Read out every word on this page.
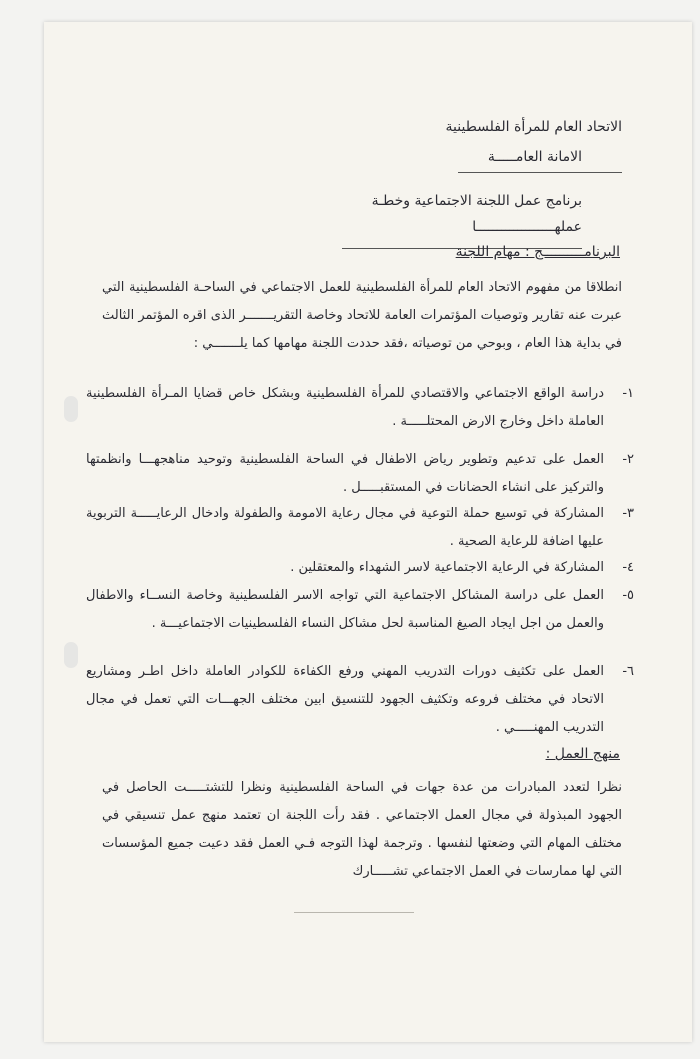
الاتحاد العام للمرأة الفلسطينية
الامانة العامـــــة
برنامج عمل اللجنة الاجتماعية وخطـة
عملهـــــــــــــــــــا
البرنامــــــــــج : مهام اللجنة
انطلاقا من مفهوم الاتحاد العام للمرأة الفلسطينية للعمل الاجتماعي في الساحـة الفلسطينية التي عبرت عنه تقارير وتوصيات المؤتمرات العامة للاتحاد وخاصة التقريـــــــر الذى اقره المؤتمر الثالث في بداية هذا العام ، وبوحي من توصياته ،فقد حددت اللجنة مهامها كما يلـــــــي :
١-
دراسة الواقع الاجتماعي والاقتصادي للمرأة الفلسطينية وبشكل خاص قضايا المـرأة الفلسطينية العاملة داخل وخارج الارض المحتلـــــة .
٢-
العمل على تدعيم وتطوير رياض الاطفال في الساحة الفلسطينية وتوحيد مناهجهـــا وانظمتها والتركيز على انشاء الحضانات في المستقبـــــل .
٣-
المشاركة في توسيع حملة التوعية في مجال رعاية الامومة والطفولة وادخال الرعايـــــة التربوية عليها اضافة للرعاية الصحية .
٤-
المشاركة في الرعاية الاجتماعية لاسر الشهداء والمعتقلين .
٥-
العمل على دراسة المشاكل الاجتماعية التي تواجه الاسر الفلسطينية وخاصة النســاء والاطفال والعمل من اجل ايجاد الصيغ المناسبة لحل مشاكل النساء الفلسطينيات الاجتماعيـــة .
٦-
العمل على تكثيف دورات التدريب المهني ورفع الكفاءة للكوادر العاملة داخل اطـر ومشاريع الاتحاد في مختلف فروعه وتكثيف الجهود للتنسيق ابين مختلف الجهـــات التي تعمل في مجال التدريب المهنـــــي .
منهج العمل :
نظرا لتعدد المبادرات من عدة جهات في الساحة الفلسطينية ونظرا للتشتـــــت الحاصل في الجهود المبذولة في مجال العمل الاجتماعي . فقد رأت اللجنة ان تعتمد منهج عمل تنسيقي في مختلف المهام التي وضعتها لنفسها . وترجمة لهذا التوجه فـي العمل فقد دعيت جميع المؤسسات التي لها ممارسات في العمل الاجتماعي تشـــــارك
